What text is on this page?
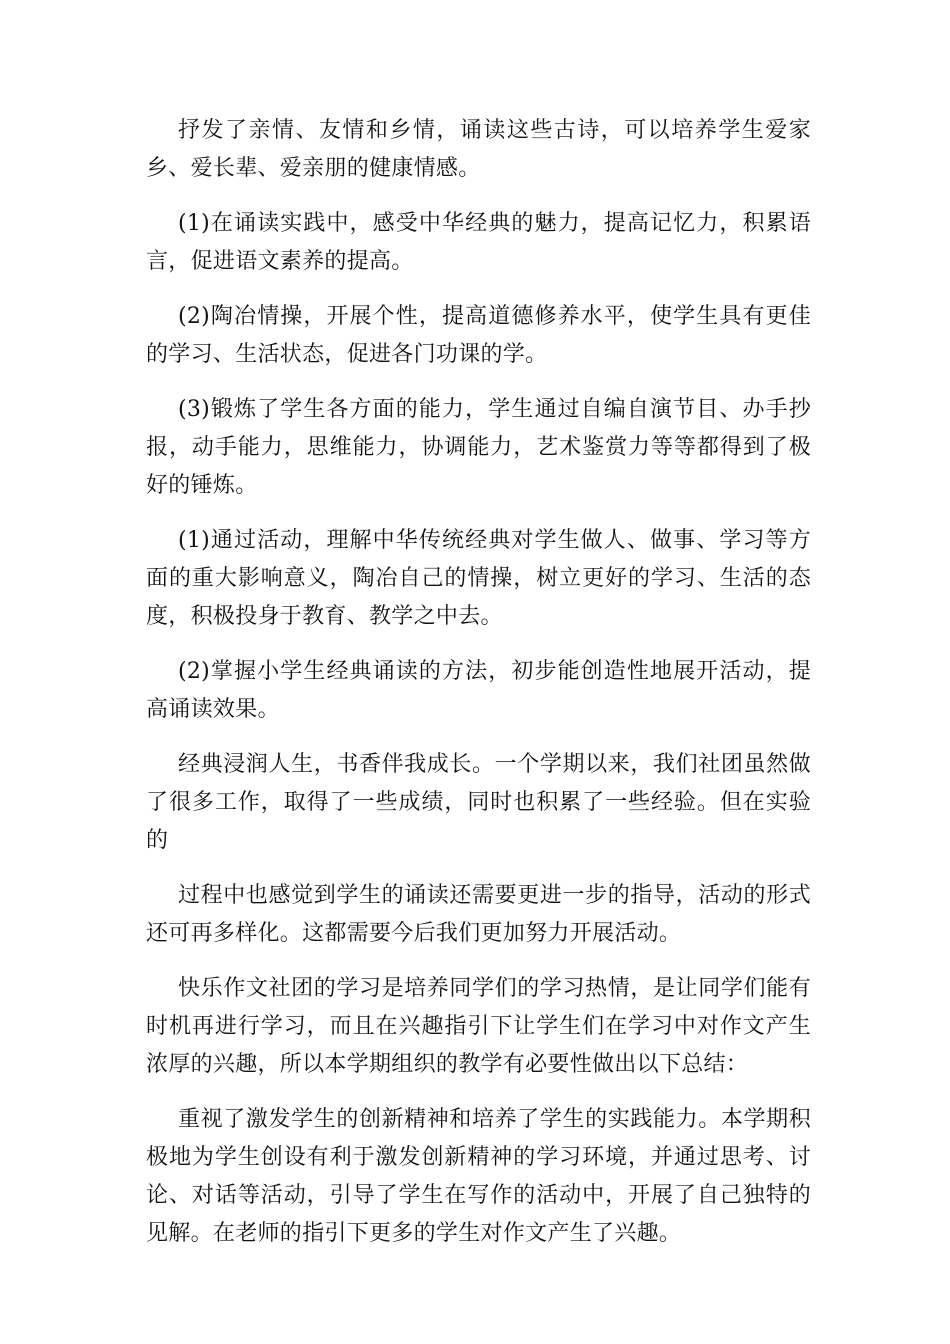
抒发了亲情、友情和乡情，诵读这些古诗，可以培养学生爱家乡、爱长辈、爱亲朋的健康情感。

(1)在诵读实践中，感受中华经典的魅力，提高记忆力，积累语言，促进语文素养的提高。

(2)陶冶情操，开展个性，提高道德修养水平，使学生具有更佳的学习、生活状态，促进各门功课的学。

(3)锻炼了学生各方面的能力，学生通过自编自演节目、办手抄报，动手能力，思维能力，协调能力，艺术鉴赏力等等都得到了极好的锤炼。

(1)通过活动，理解中华传统经典对学生做人、做事、学习等方面的重大影响意义，陶冶自己的情操，树立更好的学习、生活的态度，积极投身于教育、教学之中去。

(2)掌握小学生经典诵读的方法，初步能创造性地展开活动，提高诵读效果。

经典浸润人生，书香伴我成长。一个学期以来，我们社团虽然做了很多工作，取得了一些成绩，同时也积累了一些经验。但在实验的

过程中也感觉到学生的诵读还需要更进一步的指导，活动的形式还可再多样化。这都需要今后我们更加努力开展活动。

快乐作文社团的学习是培养同学们的学习热情，是让同学们能有时机再进行学习，而且在兴趣指引下让学生们在学习中对作文产生浓厚的兴趣，所以本学期组织的教学有必要性做出以下总结：

重视了激发学生的创新精神和培养了学生的实践能力。本学期积极地为学生创设有利于激发创新精神的学习环境，并通过思考、讨论、对话等活动，引导了学生在写作的活动中，开展了自己独特的见解。在老师的指引下更多的学生对作文产生了兴趣。
